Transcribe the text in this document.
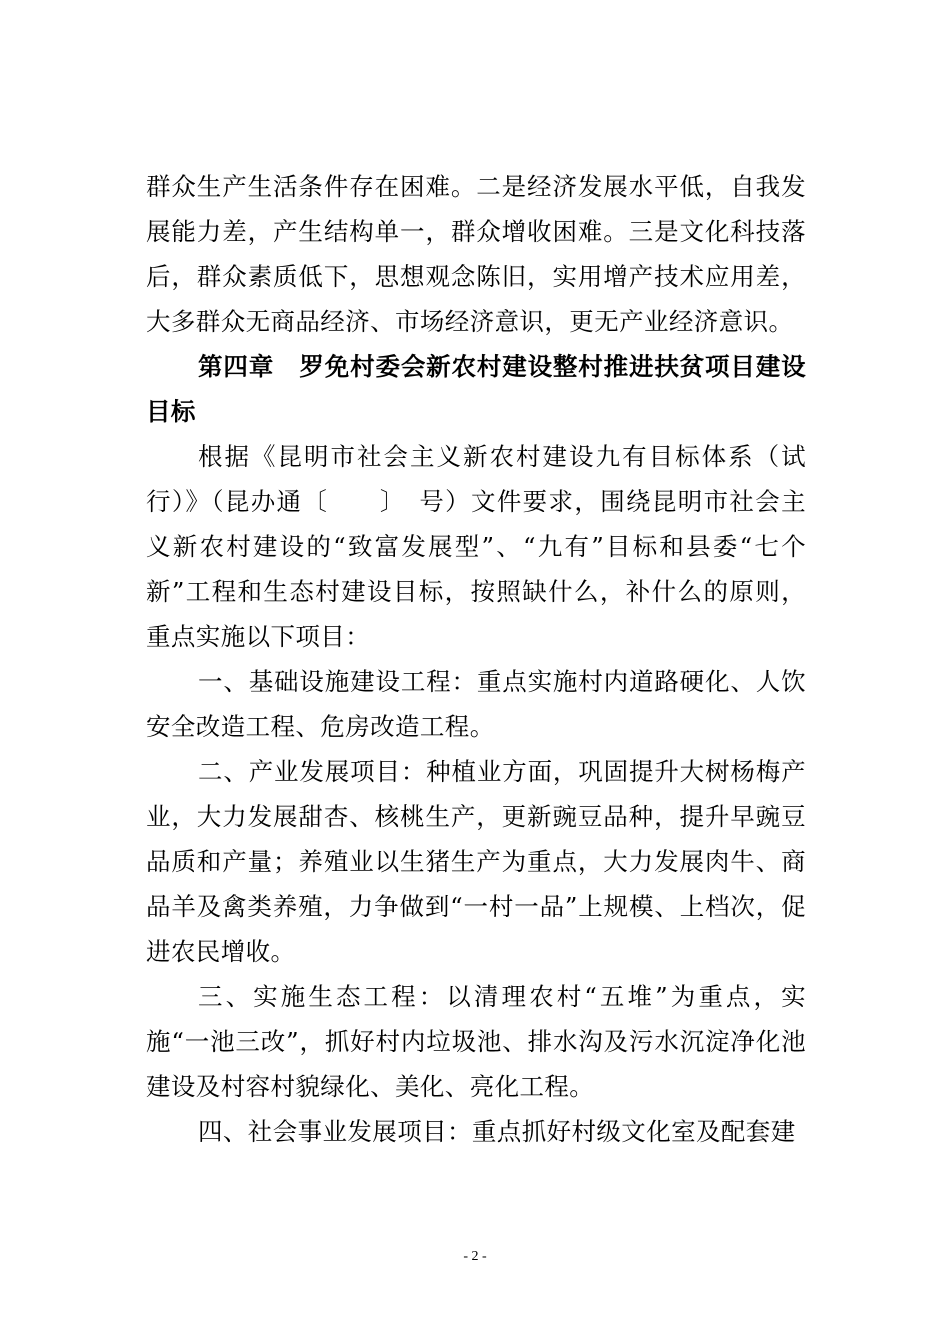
群众生产生活条件存在困难。二是经济发展水平低，自我发展能力差，产生结构单一，群众增收困难。三是文化科技落后，群众素质低下，思想观念陈旧，实用增产技术应用差，大多群众无商品经济、市场经济意识，更无产业经济意识。

第四章　罗免村委会新农村建设整村推进扶贫项目建设目标

根据《昆明市社会主义新农村建设九有目标体系（试行）》（昆办通〔　　〕　号）文件要求，围绕昆明市社会主义新农村建设的“致富发展型”、“九有”目标和县委“七个新”工程和生态村建设目标，按照缺什么，补什么的原则，重点实施以下项目：

一、基础设施建设工程：重点实施村内道路硬化、人饮安全改造工程、危房改造工程。

二、产业发展项目：种植业方面，巩固提升大树杨梅产业，大力发展甜杏、核桃生产，更新豌豆品种，提升早豌豆品质和产量；养殖业以生猪生产为重点，大力发展肉牛、商品羊及禽类养殖，力争做到“一村一品”上规模、上档次，促进农民增收。

三、实施生态工程：以清理农村“五堆”为重点，实施“一池三改”，抓好村内垃圾池、排水沟及污水沉淀净化池建设及村容村貌绿化、美化、亮化工程。

四、社会事业发展项目：重点抓好村级文化室及配套建

- 2 -
